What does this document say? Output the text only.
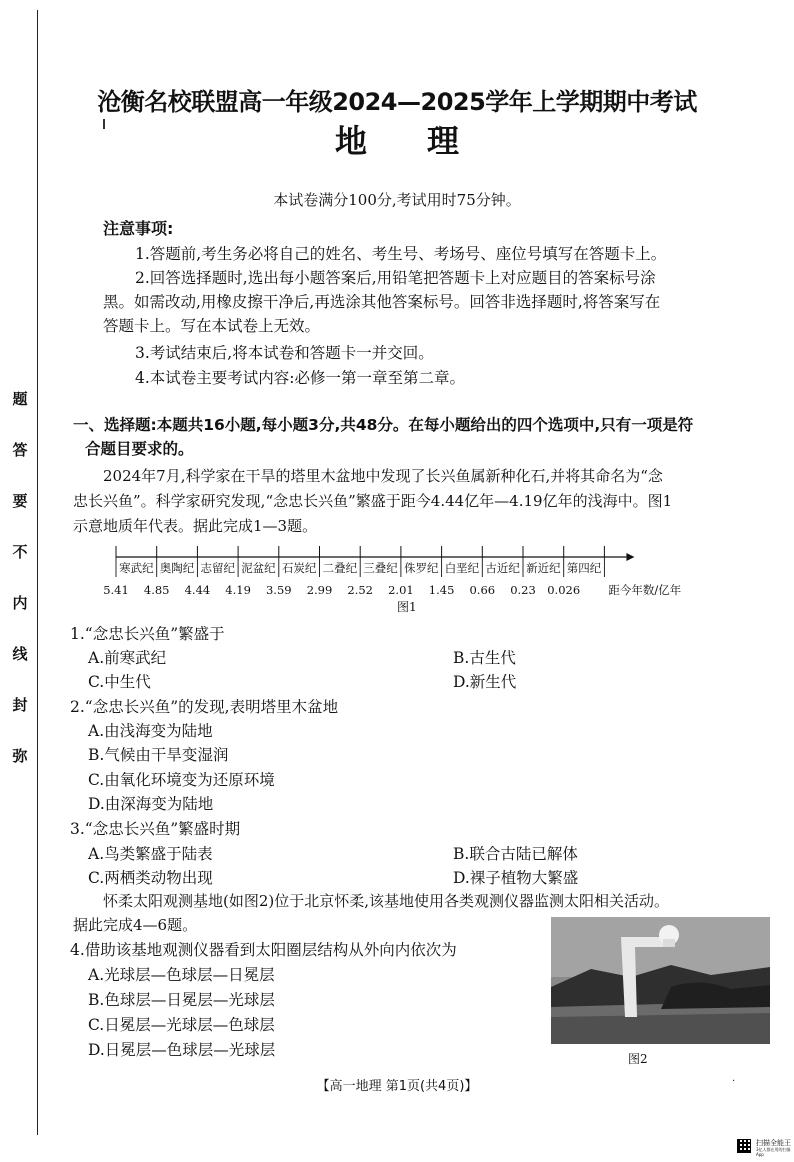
题
答
要
不
内
线
封
弥
沧衡名校联盟高一年级2024—2025学年上学期期中考试
地理
本试卷满分100分,考试用时75分钟。
注意事项:
1.答题前,考生务必将自己的姓名、考生号、考场号、座位号填写在答题卡上。
2.回答选择题时,选出每小题答案后,用铅笔把答题卡上对应题目的答案标号涂
黑。如需改动,用橡皮擦干净后,再选涂其他答案标号。回答非选择题时,将答案写在
答题卡上。写在本试卷上无效。
3.考试结束后,将本试卷和答题卡一并交回。
4.本试卷主要考试内容:必修一第一章至第二章。
一、选择题:本题共16小题,每小题3分,共48分。在每小题给出的四个选项中,只有一项是符
合题目要求的。
2024年7月,科学家在干旱的塔里木盆地中发现了长兴鱼属新种化石,并将其命名为“念
忠长兴鱼”。科学家研究发现,“念忠长兴鱼”繁盛于距今4.44亿年—4.19亿年的浅海中。图1
示意地质年代表。据此完成1—3题。
寒武纪 奥陶纪 志留纪 泥盆纪 石炭纪 二叠纪 三叠纪 侏罗纪 白垩纪 古近纪 新近纪 第四纪
5.41 4.85 4.44 4.19 3.59 2.99 2.52 2.01 1.45 0.66 0.23 0.026 距今年数/亿年
图1
1.“念忠长兴鱼”繁盛于
A.前寒武纪	B.古生代
C.中生代	D.新生代
2.“念忠长兴鱼”的发现,表明塔里木盆地
A.由浅海变为陆地
B.气候由干旱变湿润
C.由氧化环境变为还原环境
D.由深海变为陆地
3.“念忠长兴鱼”繁盛时期
A.鸟类繁盛于陆表	B.联合古陆已解体
C.两栖类动物出现	D.裸子植物大繁盛
怀柔太阳观测基地(如图2)位于北京怀柔,该基地使用各类观测仪器监测太阳相关活动。
据此完成4—6题。
图2
4.借助该基地观测仪器看到太阳圈层结构从外向内依次为
A.光球层—色球层—日冕层
B.色球层—日冕层—光球层
C.日冕层—光球层—色球层
D.日冕层—色球层—光球层
【高一地理 第1页(共4页)】	·
扫描全能王
3亿人都在用的扫描App
